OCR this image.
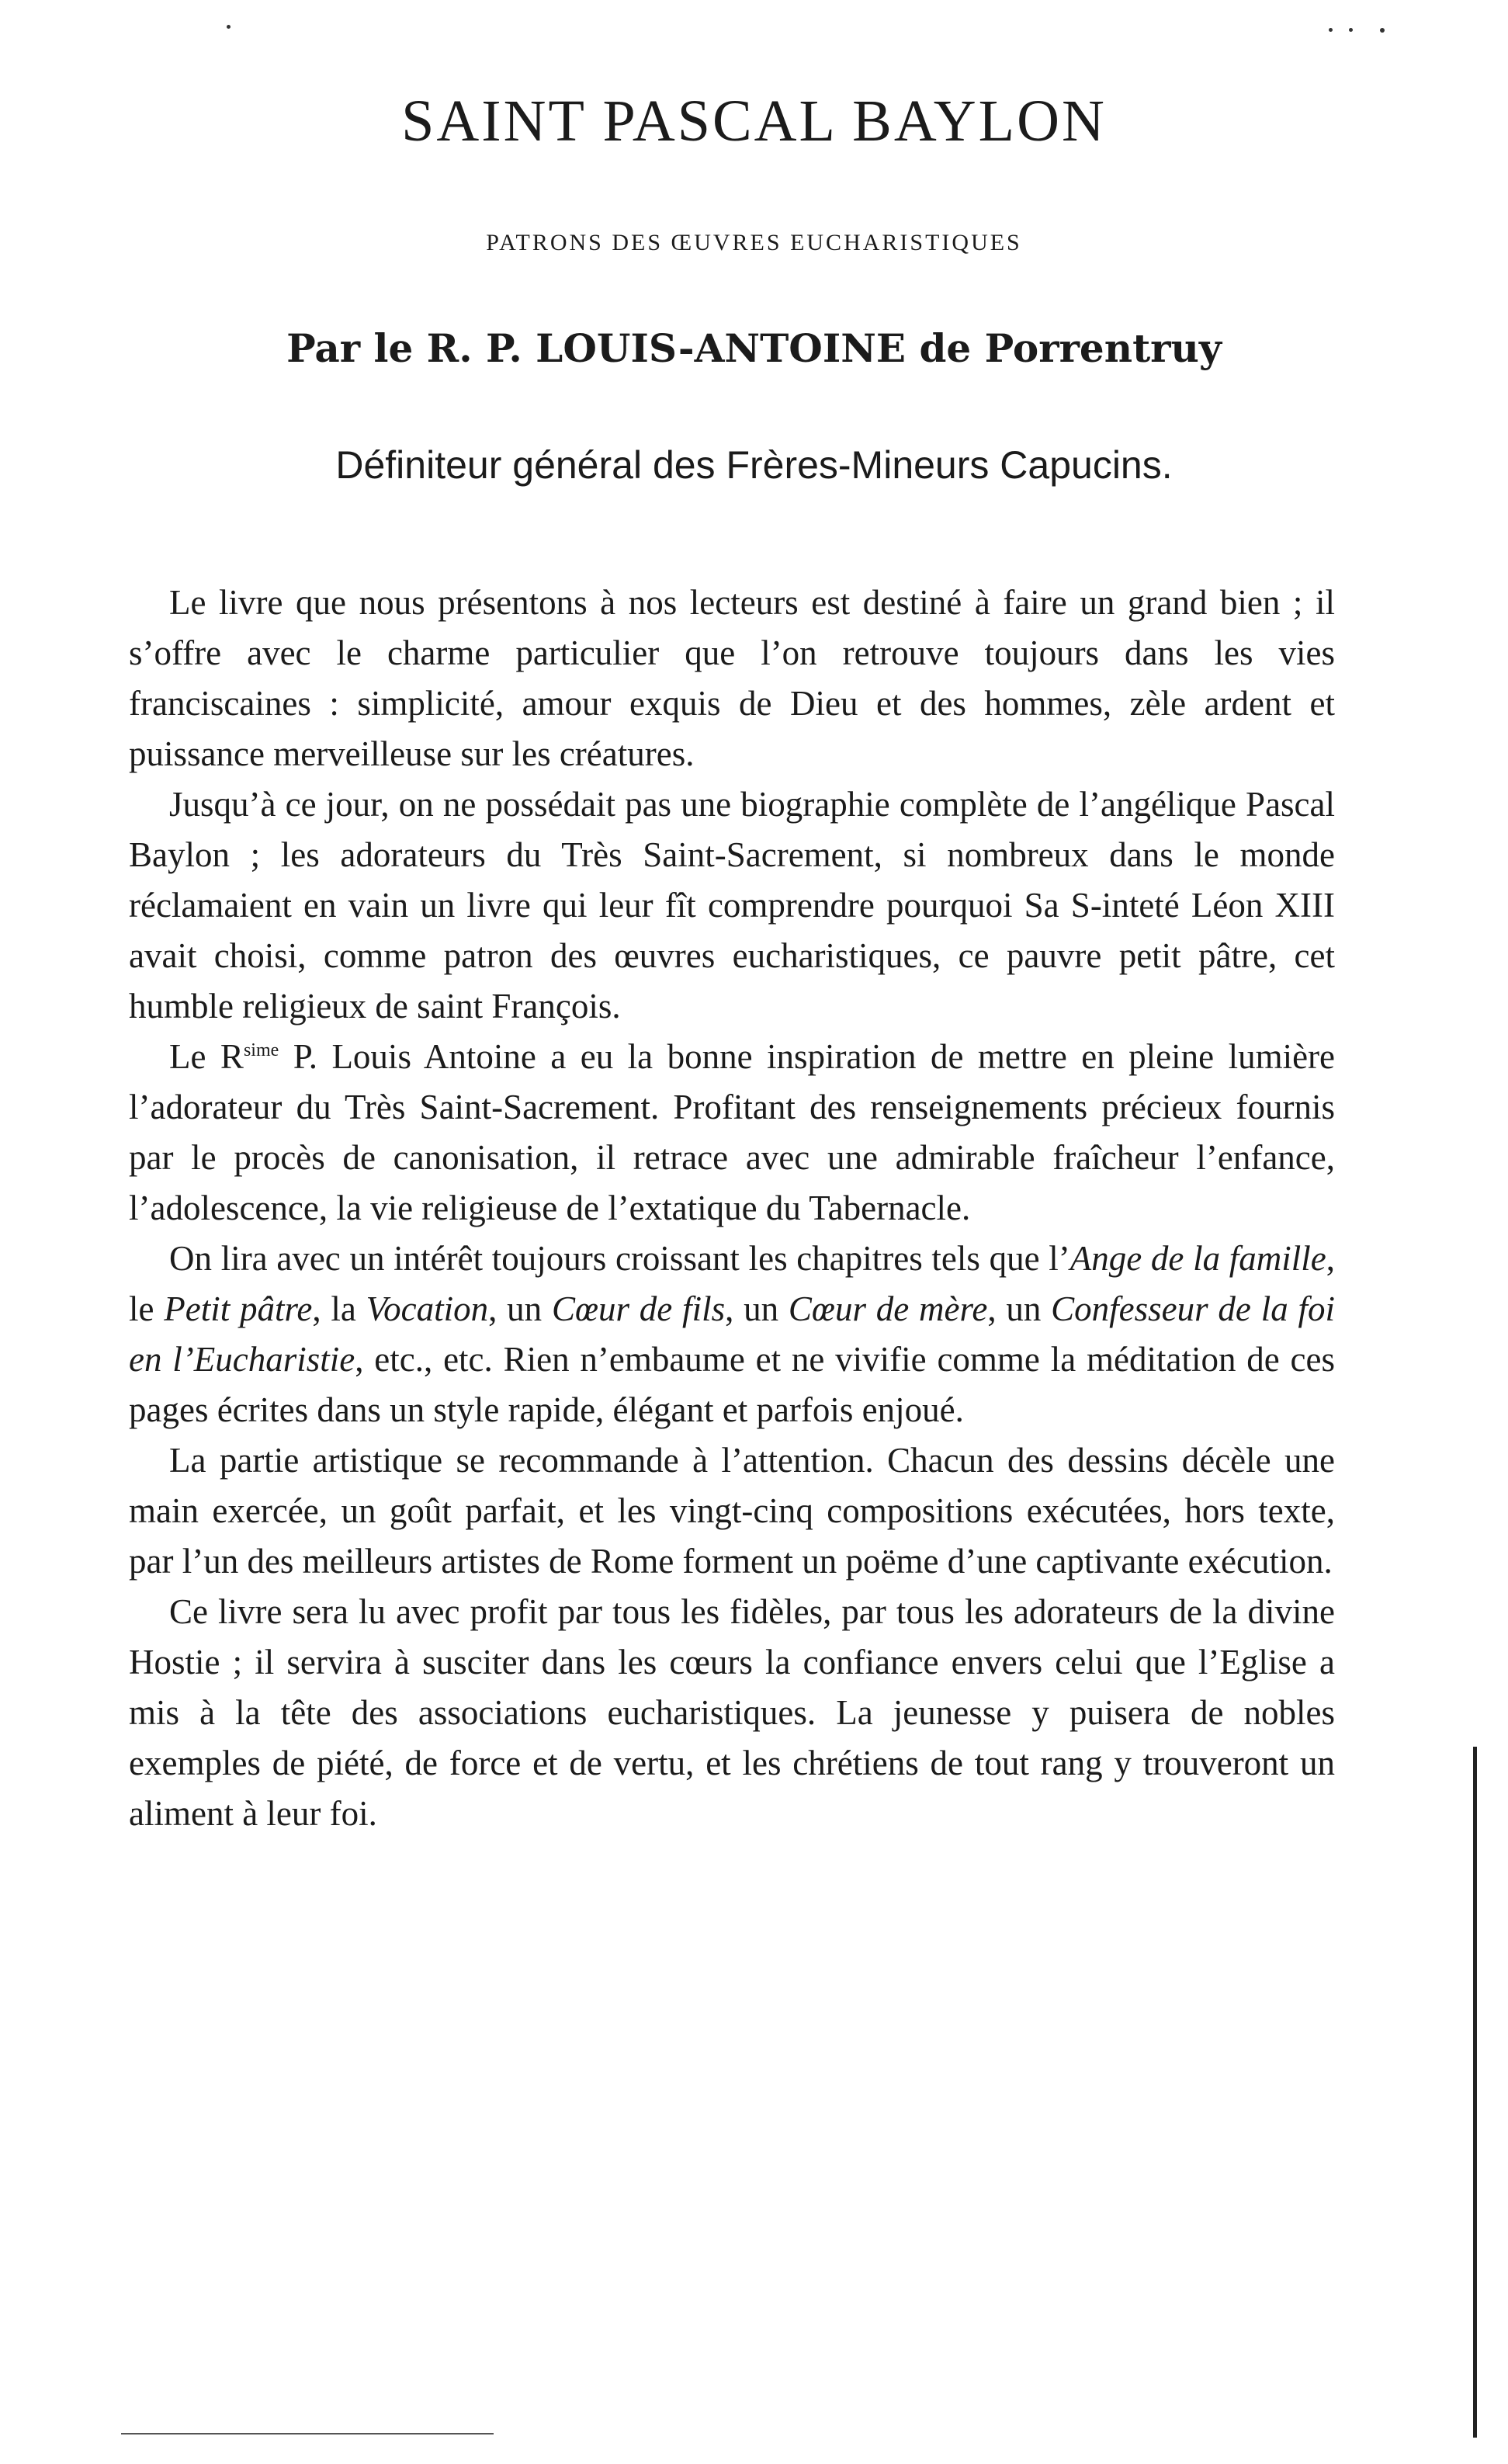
SAINT PASCAL BAYLON
PATRONS DES ŒUVRES EUCHARISTIQUES
Par le R. P. LOUIS-ANTOINE de Porrentruy
Définiteur général des Frères-Mineurs Capucins.

Le livre que nous présentons à nos lecteurs est destiné à faire un grand bien ; il s’offre avec le charme particulier que l’on retrouve toujours dans les vies franciscaines : simplicité, amour exquis de Dieu et des hommes, zèle ardent et puissance merveilleuse sur les créatures.

Jusqu’à ce jour, on ne possédait pas une biographie complète de l’angélique Pascal Baylon ; les adorateurs du Très Saint-Sacrement, si nombreux dans le monde réclamaient en vain un livre qui leur fît comprendre pourquoi Sa S-inteté Léon XIII avait choisi, comme patron des œuvres eucharistiques, ce pauvre petit pâtre, cet humble religieux de saint François.

Le $R^{sime}$ P. Louis Antoine a eu la bonne inspiration de mettre en pleine lumière l’adorateur du Très Saint-Sacrement. Profitant des renseignements précieux fournis par le procès de canonisation, il retrace avec une admirable fraîcheur l’enfance, l’adolescence, la vie religieuse de l’extatique du Tabernacle.

On lira avec un intérêt toujours croissant les chapitres tels que l’Ange de la famille, le Petit pâtre, la Vocation, un Cœur de fils, un Cœur de mère, un Confesseur de la foi en l’Eucharistie, etc., etc. Rien n’embaume et ne vivifie comme la méditation de ces pages écrites dans un style rapide, élégant et parfois enjoué.

La partie artistique se recommande à l’attention. Chacun des dessins décèle une main exercée, un goût parfait, et les vingt-cinq compositions exécutées, hors texte, par l’un des meilleurs artistes de Rome forment un poëme d’une captivante exécution.

Ce livre sera lu avec profit par tous les fidèles, par tous les adorateurs de la divine Hostie ; il servira à susciter dans les cœurs la confiance envers celui que l’Eglise a mis à la tête des associations eucharistiques. La jeunesse y puisera de nobles exemples de piété, de force et de vertu, et les chrétiens de tout rang y trouveront un aliment à leur foi.
